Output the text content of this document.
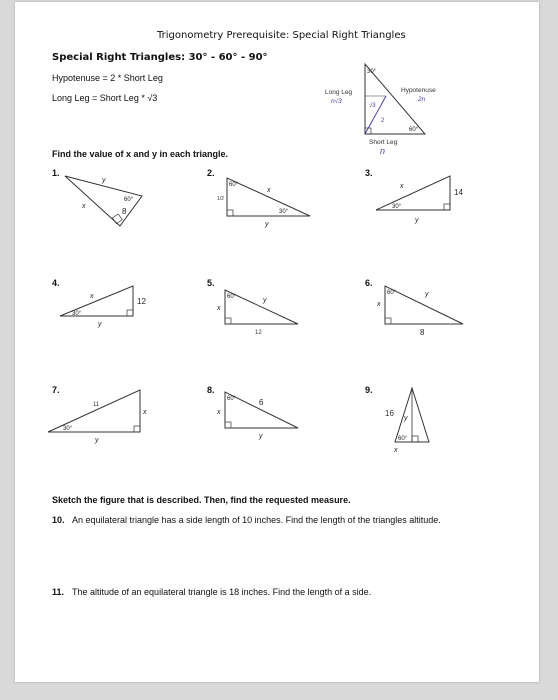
Trigonometry Prerequisite: Special Right Triangles
Special Right Triangles: 30° - 60° - 90°
Hypotenuse = 2 * Short Leg
Long Leg = Short Leg * √3
30°
60°
√3
2
Long Leg
n√3
Hypotenuse
2n
Short Leg
n
Find the value of x and y in each triangle.
1.
y
x
8
60°
2.
60°
x
y
30°
1/2
3.
x
y
14
30°
4.
x
y
12
30°
5.
60°	y
x
12
6.
60°	y
x
8
7.
11
x
y
30°
8.
60°	6
x
y
9.
16
y
60°
x
Sketch the figure that is described. Then, find the requested measure.
10. An equilateral triangle has a side length of 10 inches. Find the length of the triangles altitude.
11. The altitude of an equilateral triangle is 18 inches. Find the length of a side.
